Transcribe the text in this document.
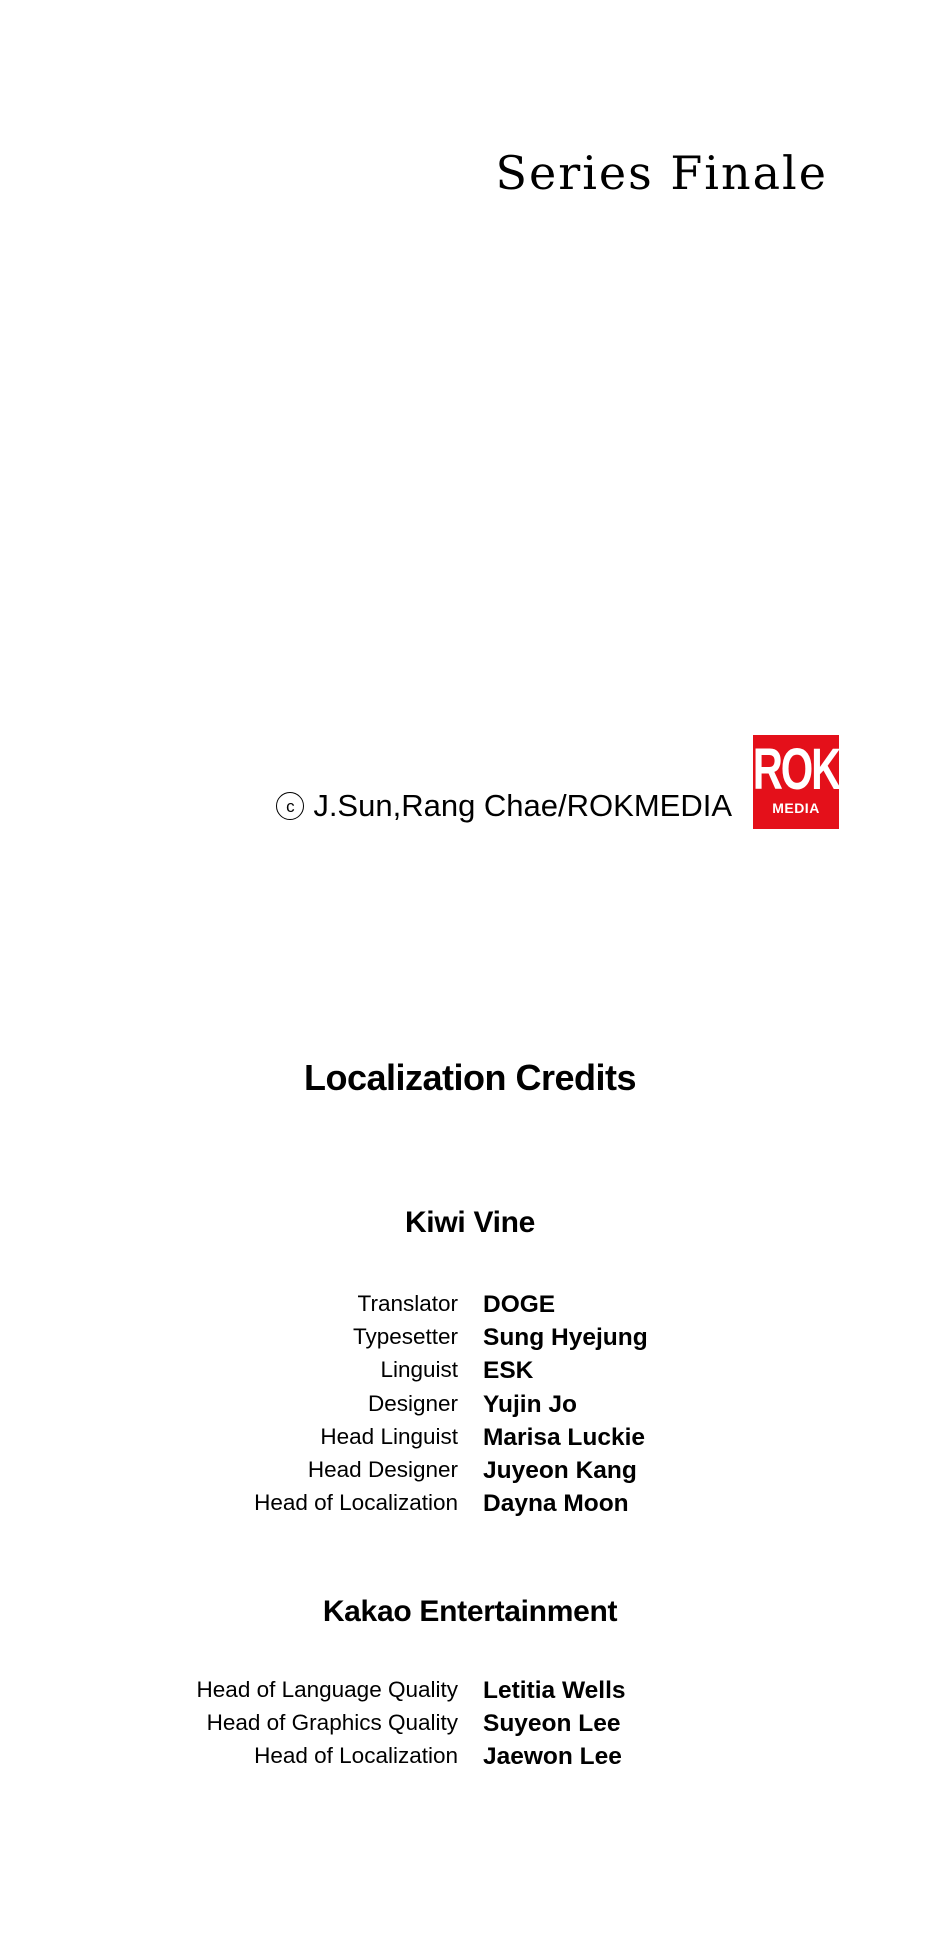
Series Finale
c J.Sun,Rang Chae/ROKMEDIA
ROK
MEDIA
Localization Credits
Kiwi Vine
Translator DOGE
Typesetter Sung Hyejung
Linguist ESK
Designer Yujin Jo
Head Linguist Marisa Luckie
Head Designer Juyeon Kang
Head of Localization Dayna Moon
Kakao Entertainment
Head of Language Quality Letitia Wells
Head of Graphics Quality Suyeon Lee
Head of Localization Jaewon Lee
